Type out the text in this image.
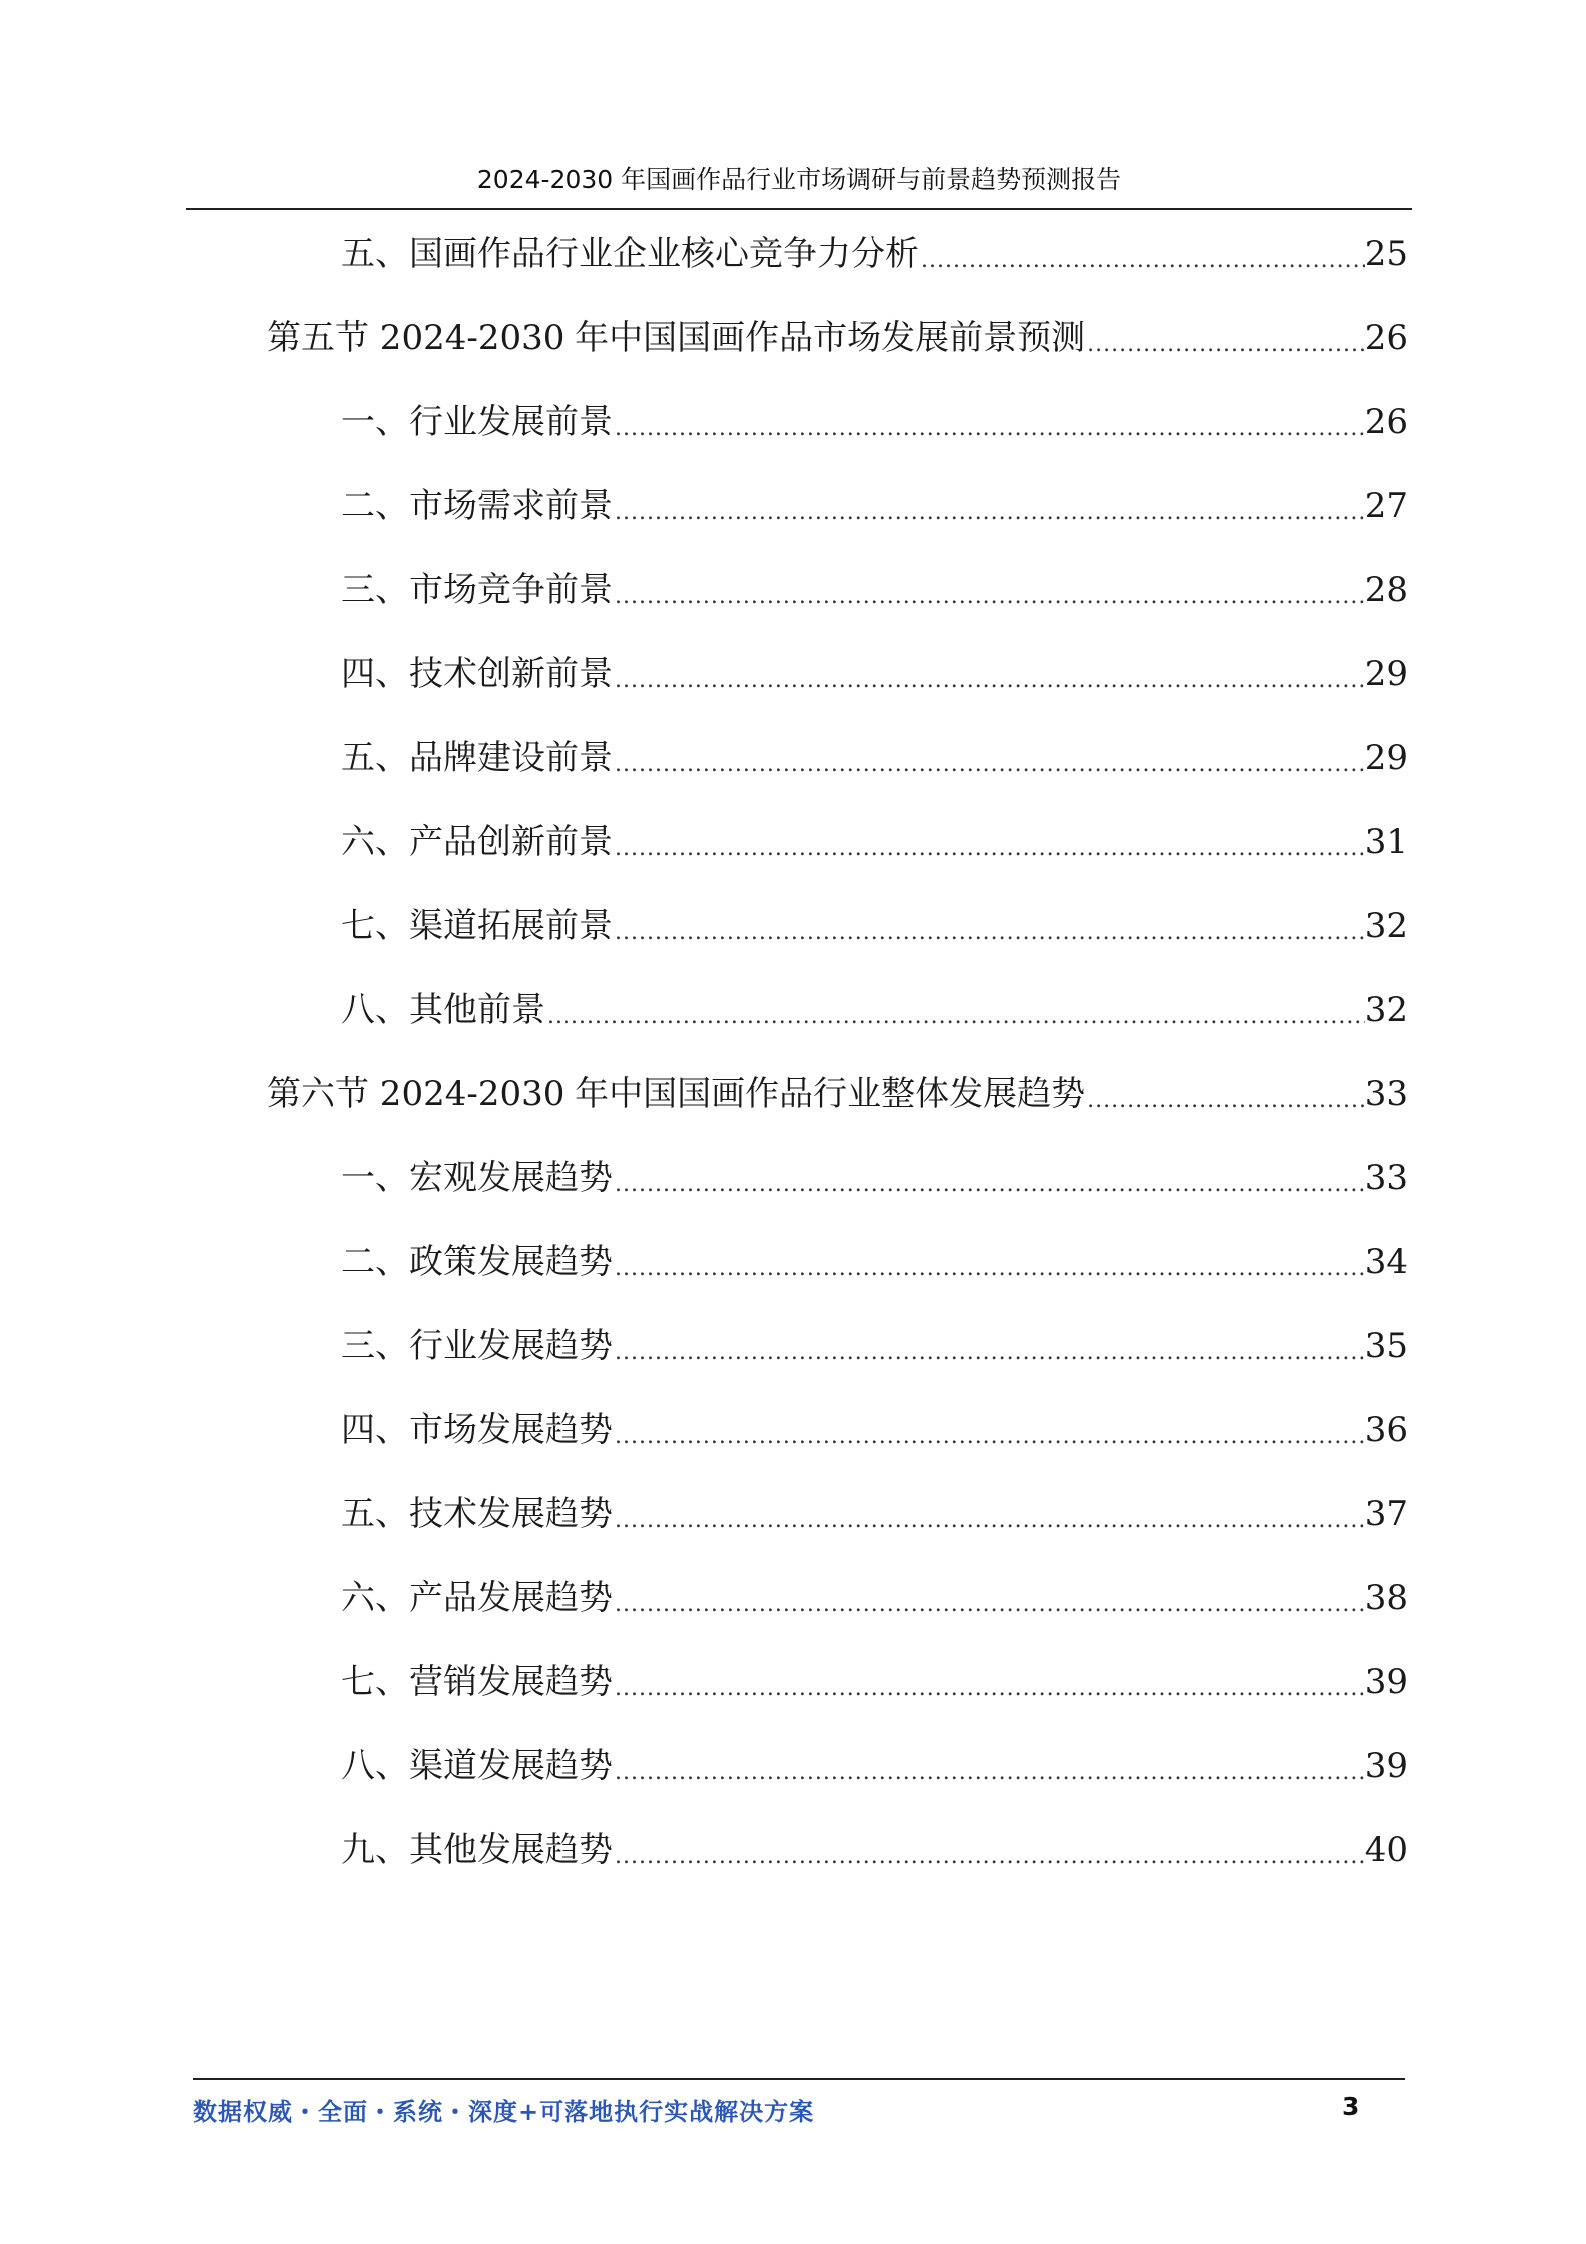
2024-2030 年国画作品行业市场调研与前景趋势预测报告
五、国画作品行业企业核心竞争力分析 .....	25
第五节 2024-2030 年中国国画作品市场发展前景预测 .....	26
一、行业发展前景 .....	26
二、市场需求前景 .....	27
三、市场竞争前景 .....	28
四、技术创新前景 .....	29
五、品牌建设前景 .....	29
六、产品创新前景 .....	31
七、渠道拓展前景 .....	32
八、其他前景 .....	32
第六节 2024-2030 年中国国画作品行业整体发展趋势 .....	33
一、宏观发展趋势 .....	33
二、政策发展趋势 .....	34
三、行业发展趋势 .....	35
四、市场发展趋势 .....	36
五、技术发展趋势 .....	37
六、产品发展趋势 .....	38
七、营销发展趋势 .....	39
八、渠道发展趋势 .....	39
九、其他发展趋势 .....	40
数据权威・全面・系统・深度+可落地执行实战解决方案	3
